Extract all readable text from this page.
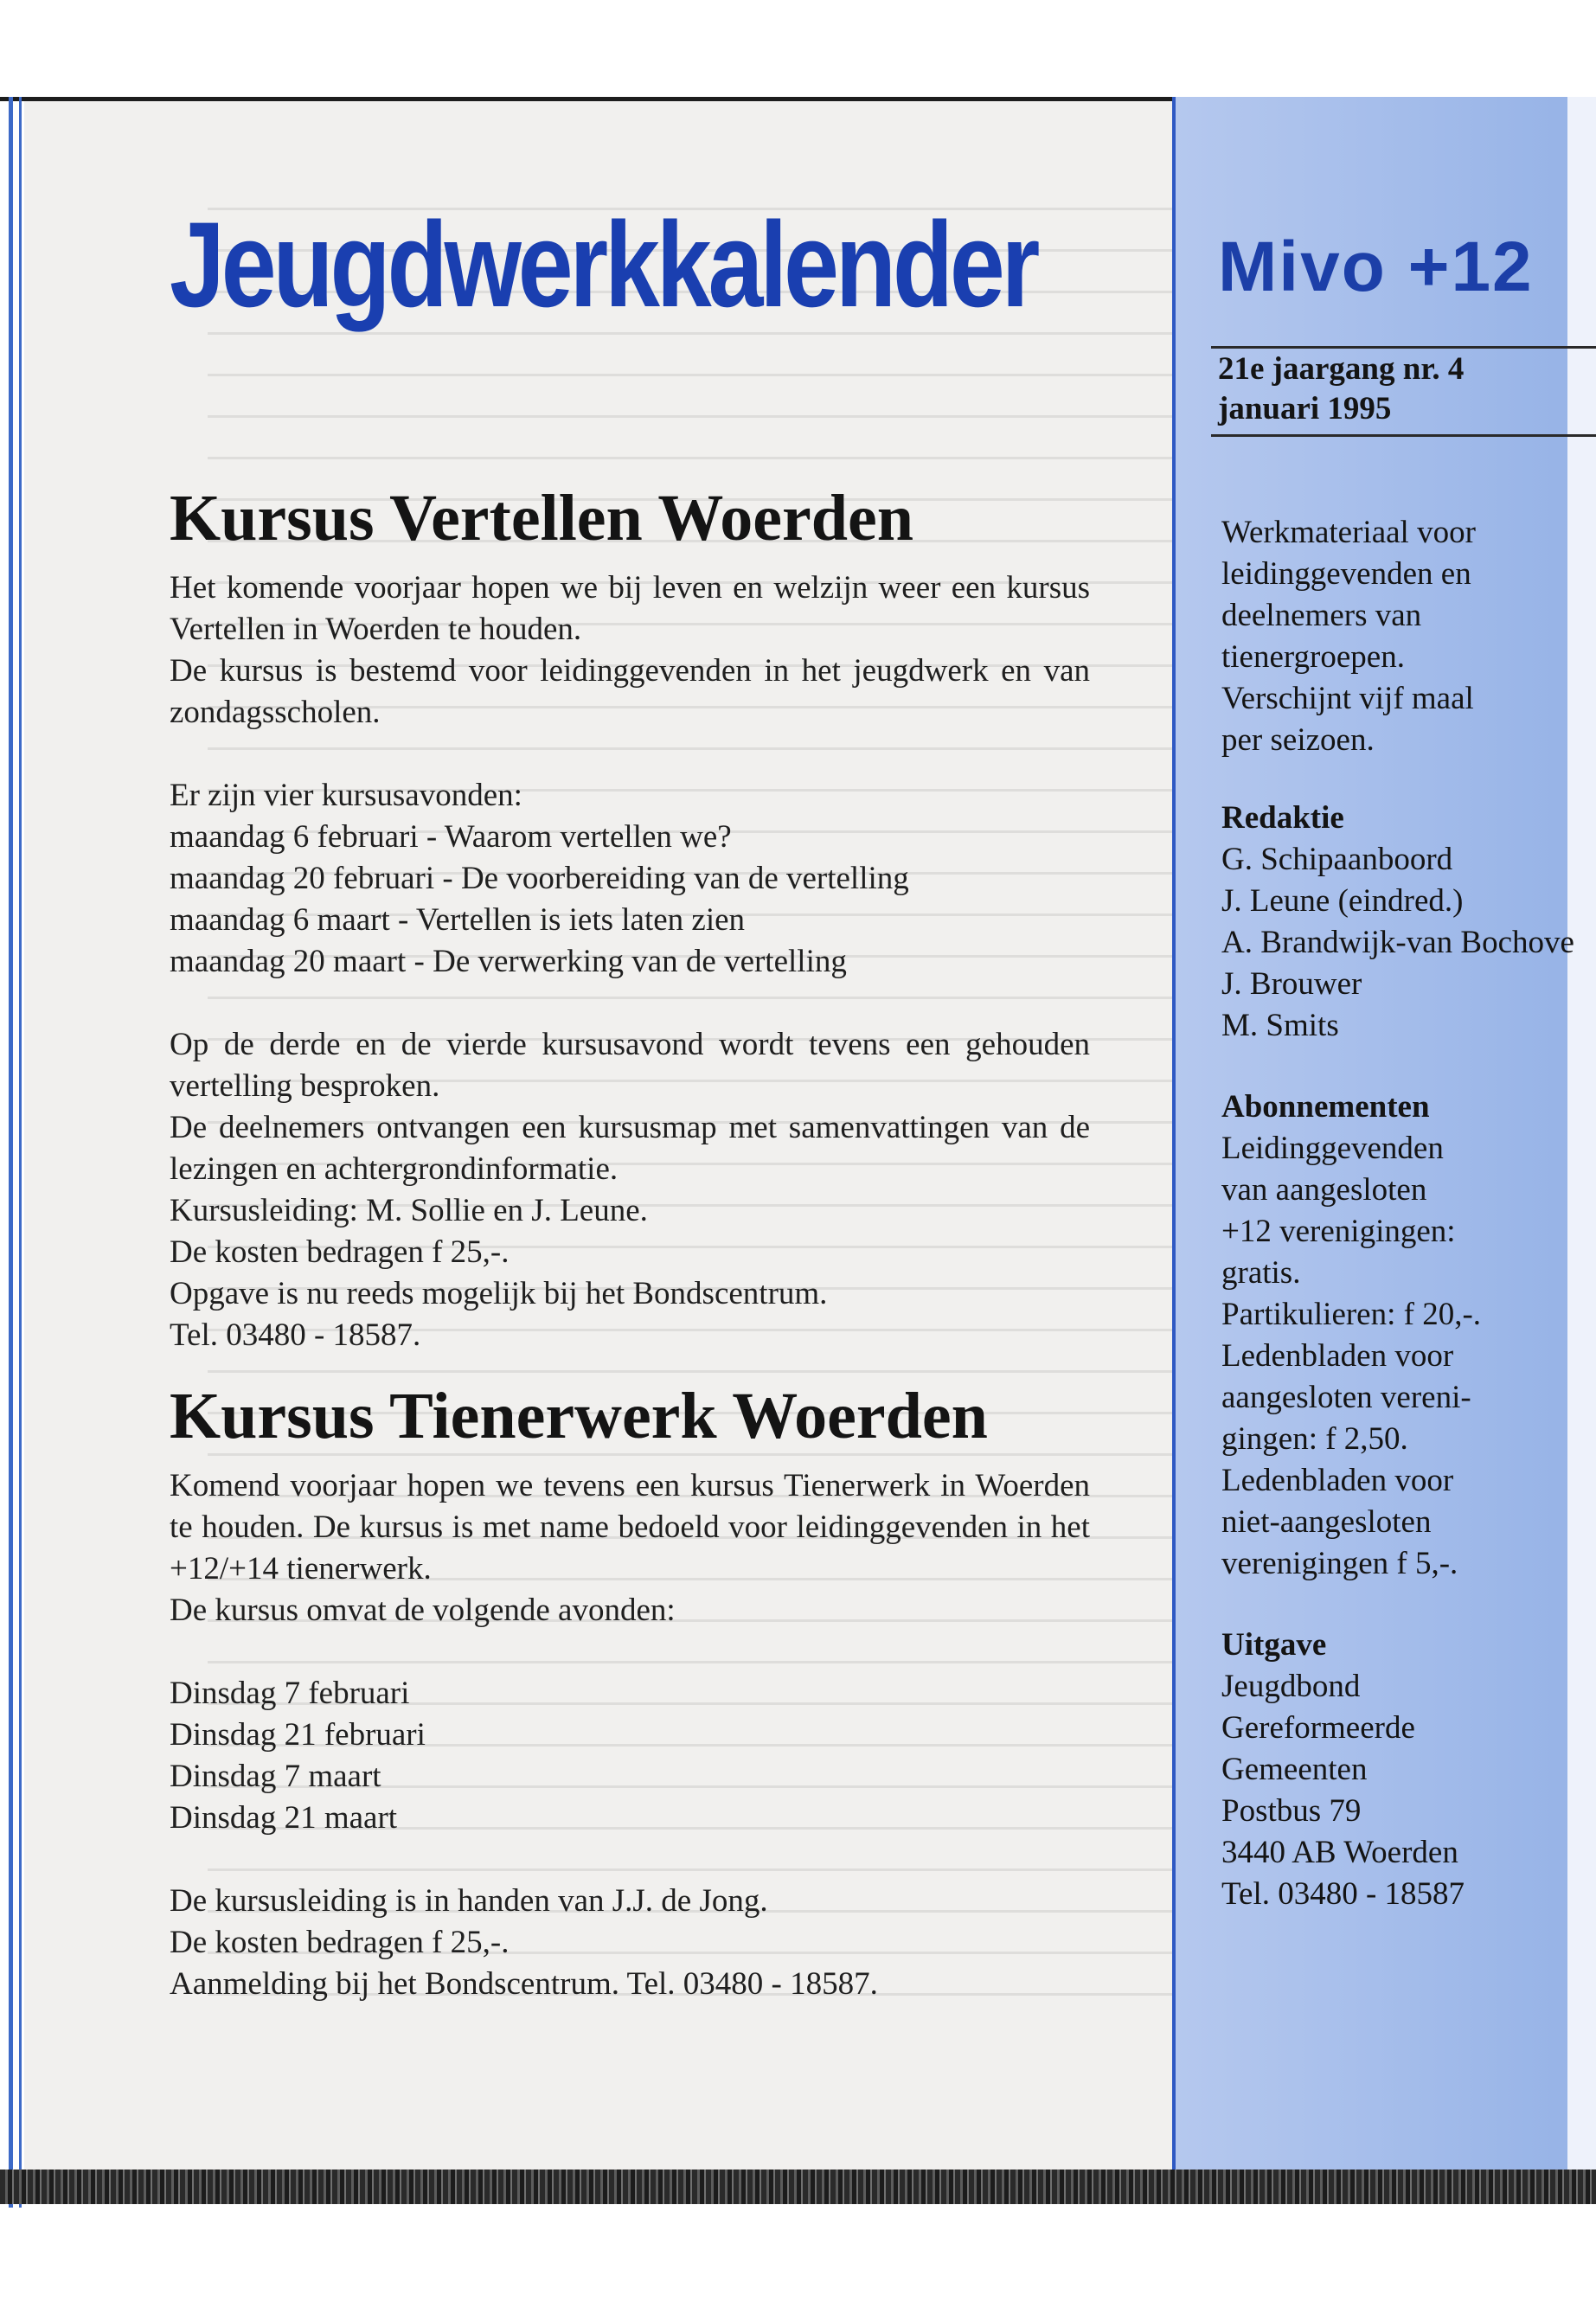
Jeugdwerkkalender	Mivo +12
21e jaargang nr. 4
januari 1995
Werkmateriaal voor
leidinggevenden en
deelnemers van
tienergroepen.
Verschijnt vijf maal
per seizoen.
Redaktie
G. Schipaanboord
J. Leune (eindred.)
A. Brandwijk-van Bochove
J. Brouwer
M. Smits
Abonnementen
Leidinggevenden
van aangesloten
+12 verenigingen:
gratis.
Partikulieren: f 20,-.
Ledenbladen voor
aangesloten vereni-
gingen: f 2,50.
Ledenbladen voor
niet-aangesloten
verenigingen f 5,-.
Uitgave
Jeugdbond
Gereformeerde
Gemeenten
Postbus 79
3440 AB Woerden
Tel. 03480 - 18587
Kursus Vertellen Woerden

Het komende voorjaar hopen we bij leven en welzijn weer een kursus Vertellen in Woerden te houden.

De kursus is bestemd voor leidinggevenden in het jeugdwerk en van zondagsscholen.

Er zijn vier kursusavonden:
maandag 6 februari - Waarom vertellen we?
maandag 20 februari - De voorbereiding van de vertelling
maandag 6 maart - Vertellen is iets laten zien
maandag 20 maart - De verwerking van de vertelling

Op de derde en de vierde kursusavond wordt tevens een gehouden vertelling besproken.

De deelnemers ontvangen een kursusmap met samenvattingen van de lezingen en achtergrondinformatie.

Kursusleiding: M. Sollie en J. Leune.
De kosten bedragen f 25,-.
Opgave is nu reeds mogelijk bij het Bondscentrum.
Tel. 03480 - 18587.
Kursus Tienerwerk Woerden

Komend voorjaar hopen we tevens een kursus Tienerwerk in Woerden te houden. De kursus is met name bedoeld voor leidinggevenden in het +12/+14 tienerwerk.

De kursus omvat de volgende avonden:
Dinsdag 7 februari
Dinsdag 21 februari
Dinsdag 7 maart
Dinsdag 21 maart
De kursusleiding is in handen van J.J. de Jong.
De kosten bedragen f 25,-.
Aanmelding bij het Bondscentrum. Tel. 03480 - 18587.
